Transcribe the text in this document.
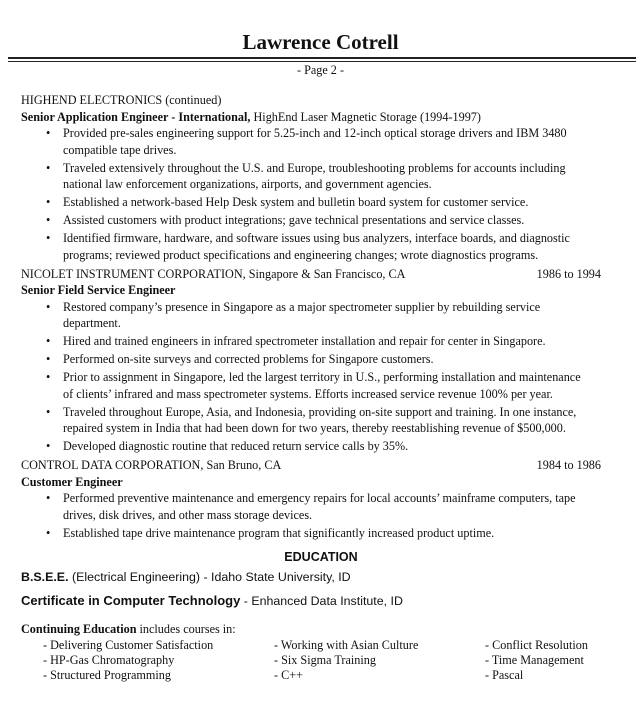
Lawrence Cotrell
- Page 2 -
HIGHEND ELECTRONICS (continued)
Senior Application Engineer - International, HighEnd Laser Magnetic Storage (1994-1997)
• Provided pre-sales engineering support for 5.25-inch and 12-inch optical storage drivers and IBM 3480
compatible tape drives.
• Traveled extensively throughout the U.S. and Europe, troubleshooting problems for accounts including
national law enforcement organizations, airports, and government agencies.
• Established a network-based Help Desk system and bulletin board system for customer service.
• Assisted customers with product integrations; gave technical presentations and service classes.
• Identified firmware, hardware, and software issues using bus analyzers, interface boards, and diagnostic
programs; reviewed product specifications and engineering changes; wrote diagnostics programs.
NICOLET INSTRUMENT CORPORATION, Singapore & San Francisco, CA	1986 to 1994
Senior Field Service Engineer
• Restored company’s presence in Singapore as a major spectrometer supplier by rebuilding service
department.
• Hired and trained engineers in infrared spectrometer installation and repair for center in Singapore.
• Performed on-site surveys and corrected problems for Singapore customers.
• Prior to assignment in Singapore, led the largest territory in U.S., performing installation and maintenance
of clients’ infrared and mass spectrometer systems. Efforts increased service revenue 100% per year.
• Traveled throughout Europe, Asia, and Indonesia, providing on-site support and training. In one instance,
repaired system in India that had been down for two years, thereby reestablishing revenue of $500,000.
• Developed diagnostic routine that reduced return service calls by 35%.
CONTROL DATA CORPORATION, San Bruno, CA	1984 to 1986
Customer Engineer
• Performed preventive maintenance and emergency repairs for local accounts’ mainframe computers, tape
drives, disk drives, and other mass storage devices.
• Established tape drive maintenance program that significantly increased product uptime.
EDUCATION
B.S.E.E. (Electrical Engineering) - Idaho State University, ID
Certificate in Computer Technology - Enhanced Data Institute, ID
Continuing Education includes courses in:
- Delivering Customer Satisfaction
- HP-Gas Chromatography
- Structured Programming
- Working with Asian Culture
- Six Sigma Training
- C++
- Conflict Resolution
- Time Management
- Pascal
